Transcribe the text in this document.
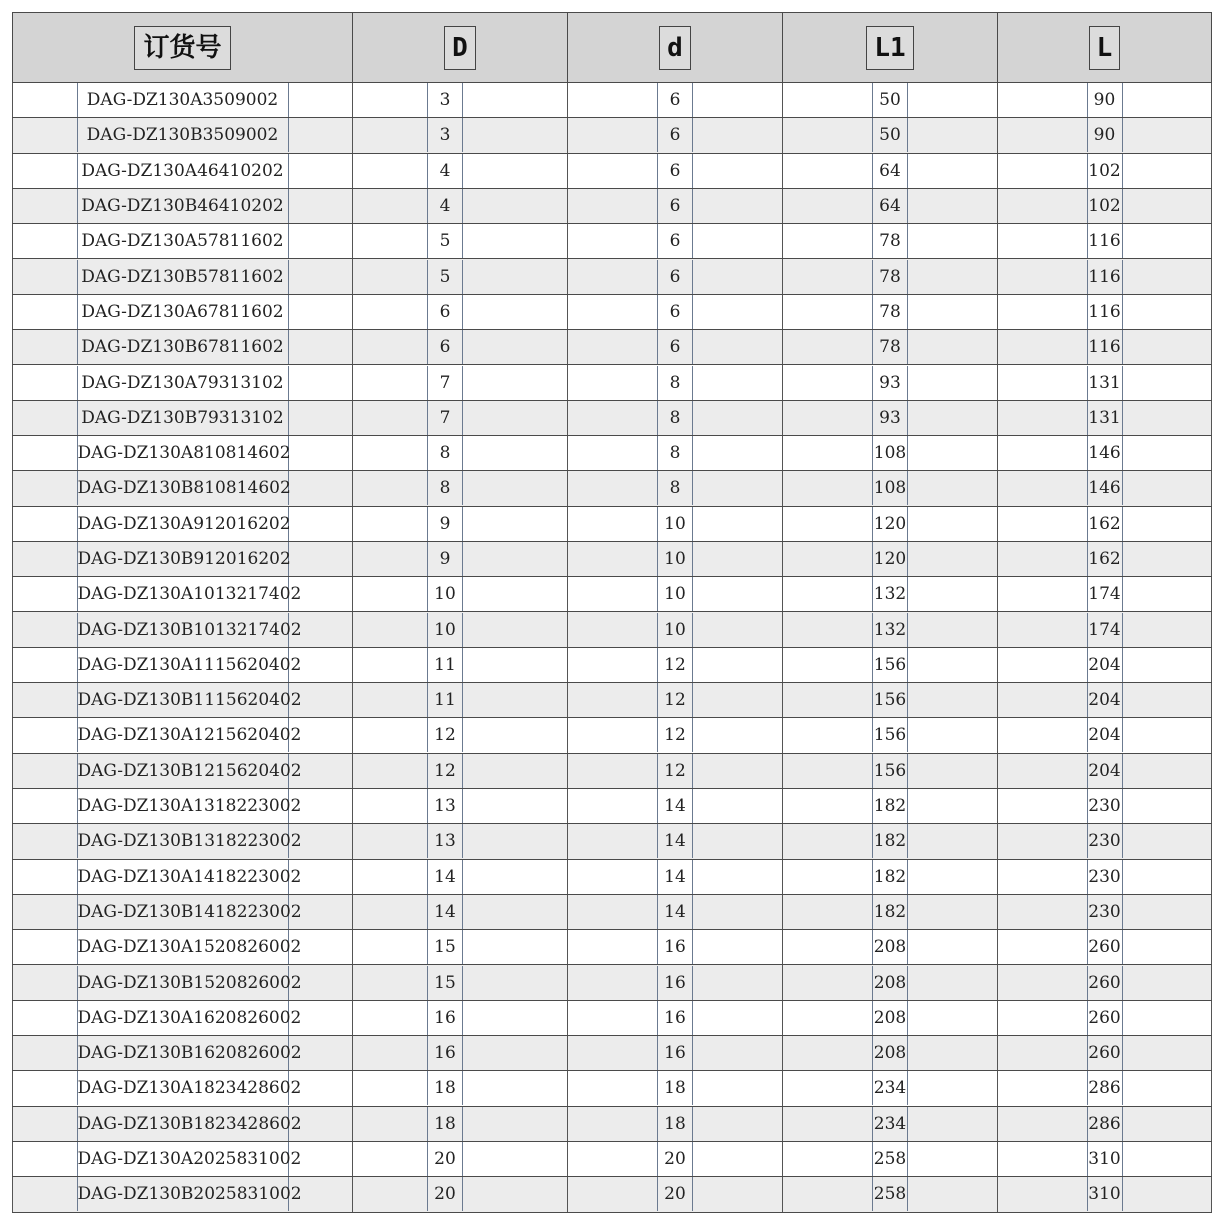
订货号	D	d	L1	L

DAG-DZ130A3509002	3	6	50	90

DAG-DZ130B3509002	3	6	50	90

DAG-DZ130A46410202	4	6	64	102

DAG-DZ130B46410202	4	6	64	102

DAG-DZ130A57811602	5	6	78	116

DAG-DZ130B57811602	5	6	78	116

DAG-DZ130A67811602	6	6	78	116

DAG-DZ130B67811602	6	6	78	116

DAG-DZ130A79313102	7	8	93	131

DAG-DZ130B79313102	7	8	93	131

DAG-DZ130A810814602	8	8	108	146

DAG-DZ130B810814602	8	8	108	146

DAG-DZ130A912016202	9	10	120	162

DAG-DZ130B912016202	9	10	120	162

DAG-DZ130A1013217402	10	10	132	174

DAG-DZ130B1013217402	10	10	132	174

DAG-DZ130A1115620402	11	12	156	204

DAG-DZ130B1115620402	11	12	156	204

DAG-DZ130A1215620402	12	12	156	204

DAG-DZ130B1215620402	12	12	156	204

DAG-DZ130A1318223002	13	14	182	230

DAG-DZ130B1318223002	13	14	182	230

DAG-DZ130A1418223002	14	14	182	230

DAG-DZ130B1418223002	14	14	182	230

DAG-DZ130A1520826002	15	16	208	260

DAG-DZ130B1520826002	15	16	208	260

DAG-DZ130A1620826002	16	16	208	260

DAG-DZ130B1620826002	16	16	208	260

DAG-DZ130A1823428602	18	18	234	286

DAG-DZ130B1823428602	18	18	234	286

DAG-DZ130A2025831002	20	20	258	310

DAG-DZ130B2025831002	20	20	258	310
